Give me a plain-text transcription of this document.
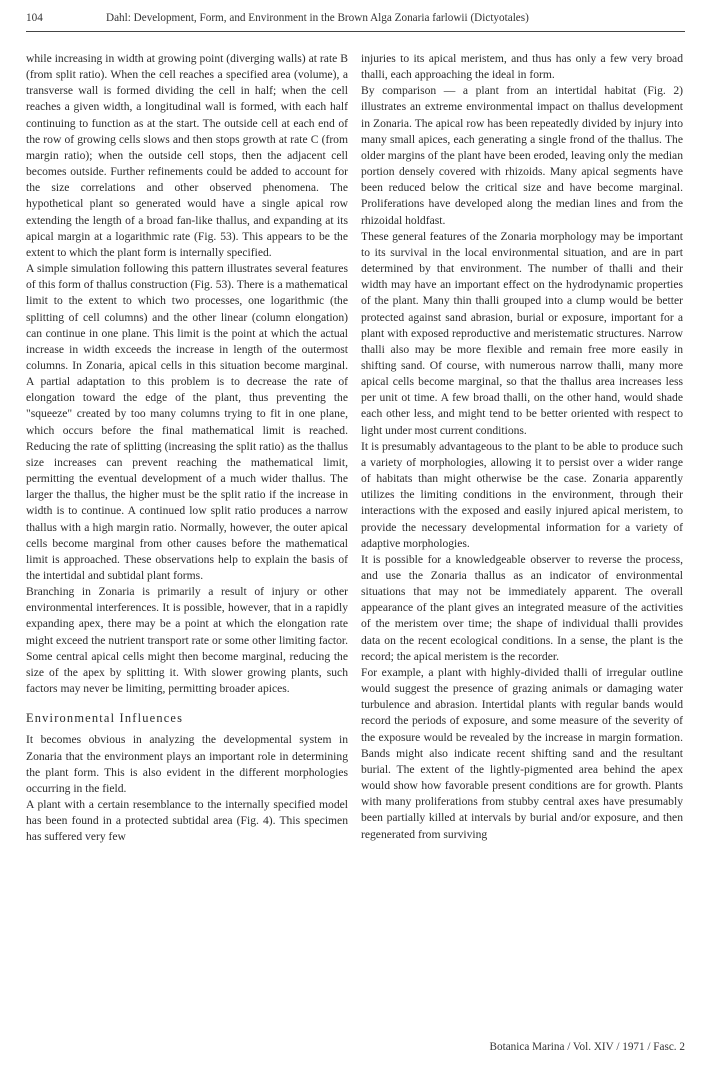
104	Dahl: Development, Form, and Environment in the Brown Alga Zonaria farlowii (Dictyotales)

while increasing in width at growing point (diverging walls) at rate B (from split ratio). When the cell reaches a specified area (volume), a transverse wall is formed dividing the cell in half; when the cell reaches a given width, a longitudinal wall is formed, with each half continuing to function as at the start. The outside cell at each end of the row of growing cells slows and then stops growth at rate C (from margin ratio); when the outside cell stops, then the adjacent cell becomes outside. Further refinements could be added to account for the size correlations and other observed phenomena. The hypothetical plant so generated would have a single apical row extending the length of a broad fan-like thallus, and expanding at its apical margin at a logarithmic rate (Fig. 53). This appears to be the extent to which the plant form is internally specified.

A simple simulation following this pattern illustrates several features of this form of thallus construction (Fig. 53). There is a mathematical limit to the extent to which two processes, one logarithmic (the splitting of cell columns) and the other linear (column elongation) can continue in one plane. This limit is the point at which the actual increase in width exceeds the increase in length of the outermost columns. In Zonaria, apical cells in this situation become marginal. A partial adaptation to this problem is to decrease the rate of elongation toward the edge of the plant, thus preventing the "squeeze" created by too many columns trying to fit in one plane, which occurs before the final mathematical limit is reached. Reducing the rate of splitting (increasing the split ratio) as the thallus size increases can prevent reaching the mathematical limit, permitting the eventual development of a much wider thallus. The larger the thallus, the higher must be the split ratio if the increase in width is to continue. A continued low split ratio produces a narrow thallus with a high margin ratio. Normally, however, the outer apical cells become marginal from other causes before the mathematical limit is approached. These observations help to explain the basis of the intertidal and subtidal plant forms.

Branching in Zonaria is primarily a result of injury or other environmental interferences. It is possible, however, that in a rapidly expanding apex, there may be a point at which the elongation rate might exceed the nutrient transport rate or some other limiting factor. Some central apical cells might then become marginal, reducing the size of the apex by splitting it. With slower growing plants, such factors may never be limiting, permitting broader apices.

Environmental Influences

It becomes obvious in analyzing the developmental system in Zonaria that the environment plays an important role in determining the plant form. This is also evident in the different morphologies occurring in the field.

A plant with a certain resemblance to the internally specified model has been found in a protected subtidal area (Fig. 4). This specimen has suffered very few

injuries to its apical meristem, and thus has only a few very broad thalli, each approaching the ideal in form.

By comparison — a plant from an intertidal habitat (Fig. 2) illustrates an extreme environmental impact on thallus development in Zonaria. The apical row has been repeatedly divided by injury into many small apices, each generating a single frond of the thallus. The older margins of the plant have been eroded, leaving only the median portion densely covered with rhizoids. Many apical segments have been reduced below the critical size and have become marginal. Proliferations have developed along the median lines and from the rhizoidal holdfast.

These general features of the Zonaria morphology may be important to its survival in the local environmental situation, and are in part determined by that environment. The number of thalli and their width may have an important effect on the hydrodynamic properties of the plant. Many thin thalli grouped into a clump would be better protected against sand abrasion, burial or exposure, important for a plant with exposed reproductive and meristematic structures. Narrow thalli also may be more flexible and remain free more easily in shifting sand. Of course, with numerous narrow thalli, many more apical cells become marginal, so that the thallus area increases less per unit ot time. A few broad thalli, on the other hand, would shade each other less, and might tend to be better oriented with respect to light under most current conditions.

It is presumably advantageous to the plant to be able to produce such a variety of morphologies, allowing it to persist over a wider range of habitats than might otherwise be the case. Zonaria apparently utilizes the limiting conditions in the environment, through their interactions with the exposed and easily injured apical meristem, to provide the necessary developmental information for a variety of adaptive morphologies.

It is possible for a knowledgeable observer to reverse the process, and use the Zonaria thallus as an indicator of environmental situations that may not be immediately apparent. The overall appearance of the plant gives an integrated measure of the activities of the meristem over time; the shape of individual thalli provides data on the recent ecological conditions. In a sense, the plant is the record; the apical meristem is the recorder.

For example, a plant with highly-divided thalli of irregular outline would suggest the presence of grazing animals or damaging water turbulence and abrasion. Intertidal plants with regular bands would record the periods of exposure, and some measure of the severity of the exposure would be revealed by the increase in margin formation. Bands might also indicate recent shifting sand and the resultant burial. The extent of the lightly-pigmented area behind the apex would show how favorable present conditions are for growth. Plants with many proliferations from stubby central axes have presumably been partially killed at intervals by burial and/or exposure, and then regenerated from surviving

Botanica Marina / Vol. XIV / 1971 / Fasc. 2
